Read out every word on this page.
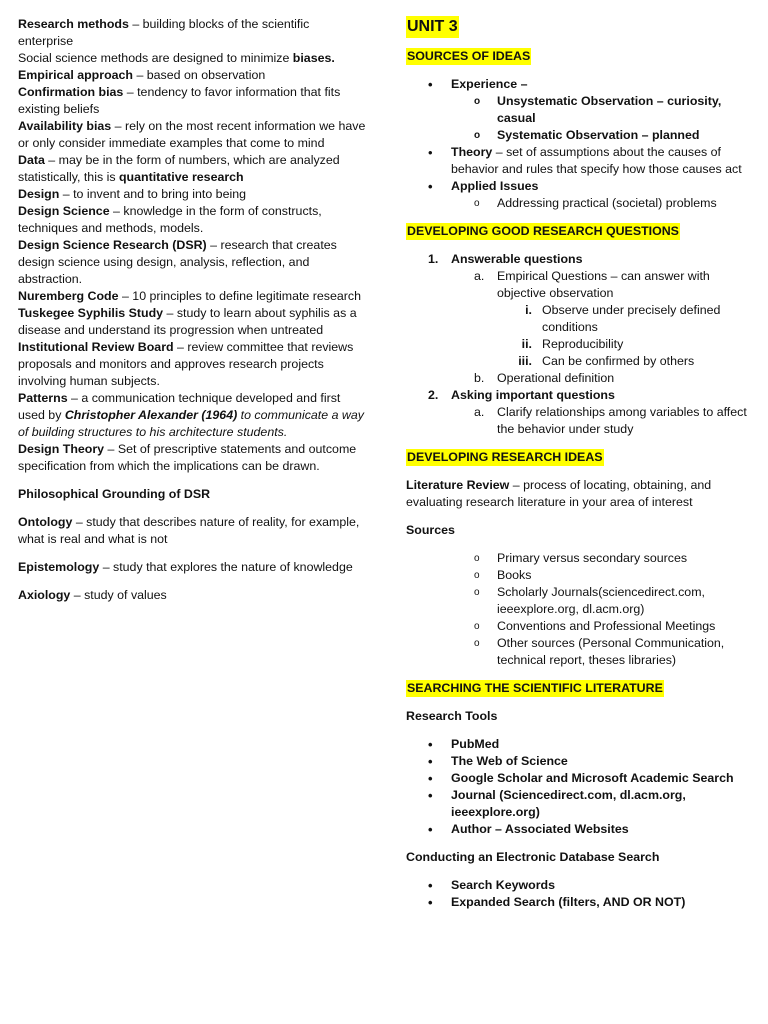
Research methods – building blocks of the scientific enterprise

Social science methods are designed to minimize biases.

Empirical approach – based on observation

Confirmation bias – tendency to favor information that fits existing beliefs

Availability bias – rely on the most recent information we have or only consider immediate examples that come to mind

Data – may be in the form of numbers, which are analyzed statistically, this is quantitative research

Design – to invent and to bring into being

Design Science – knowledge in the form of constructs, techniques and methods, models.

Design Science Research (DSR) – research that creates design science using design, analysis, reflection, and abstraction.

Nuremberg Code – 10 principles to define legitimate research

Tuskegee Syphilis Study – study to learn about syphilis as a disease and understand its progression when untreated

Institutional Review Board – review committee that reviews proposals and monitors and approves research projects involving human subjects.

Patterns – a communication technique developed and first used by Christopher Alexander (1964) to communicate a way of building structures to his architecture students.

Design Theory – Set of prescriptive statements and outcome specification from which the implications can be drawn.

Philosophical Grounding of DSR

Ontology – study that describes nature of reality, for example, what is real and what is not

Epistemology – study that explores the nature of knowledge

Axiology – study of values

UNIT 3
SOURCES OF IDEAS
• Experience –
o Unsystematic Observation – curiosity, casual
o Systematic Observation – planned
• Theory – set of assumptions about the causes of behavior and rules that specify how those causes act
• Applied Issues
o Addressing practical (societal) problems
DEVELOPING GOOD RESEARCH QUESTIONS
1. Answerable questions
a. Empirical Questions – can answer with objective observation
i. Observe under precisely defined conditions
ii. Reproducibility
iii. Can be confirmed by others
b. Operational definition
2. Asking important questions
a. Clarify relationships among variables to affect the behavior under study
DEVELOPING RESEARCH IDEAS

Literature Review – process of locating, obtaining, and evaluating research literature in your area of interest

Sources

o Primary versus secondary sources
o Books
o Scholarly Journals(sciencedirect.com, ieeexplore.org, dl.acm.org)
o Conventions and Professional Meetings
o Other sources (Personal Communication, technical report, theses libraries)
SEARCHING THE SCIENTIFIC LITERATURE

Research Tools

• PubMed
• The Web of Science
• Google Scholar and Microsoft Academic Search
• Journal (Sciencedirect.com, dl.acm.org, ieeexplore.org)
• Author – Associated Websites

Conducting an Electronic Database Search

• Search Keywords
• Expanded Search (filters, AND OR NOT)
